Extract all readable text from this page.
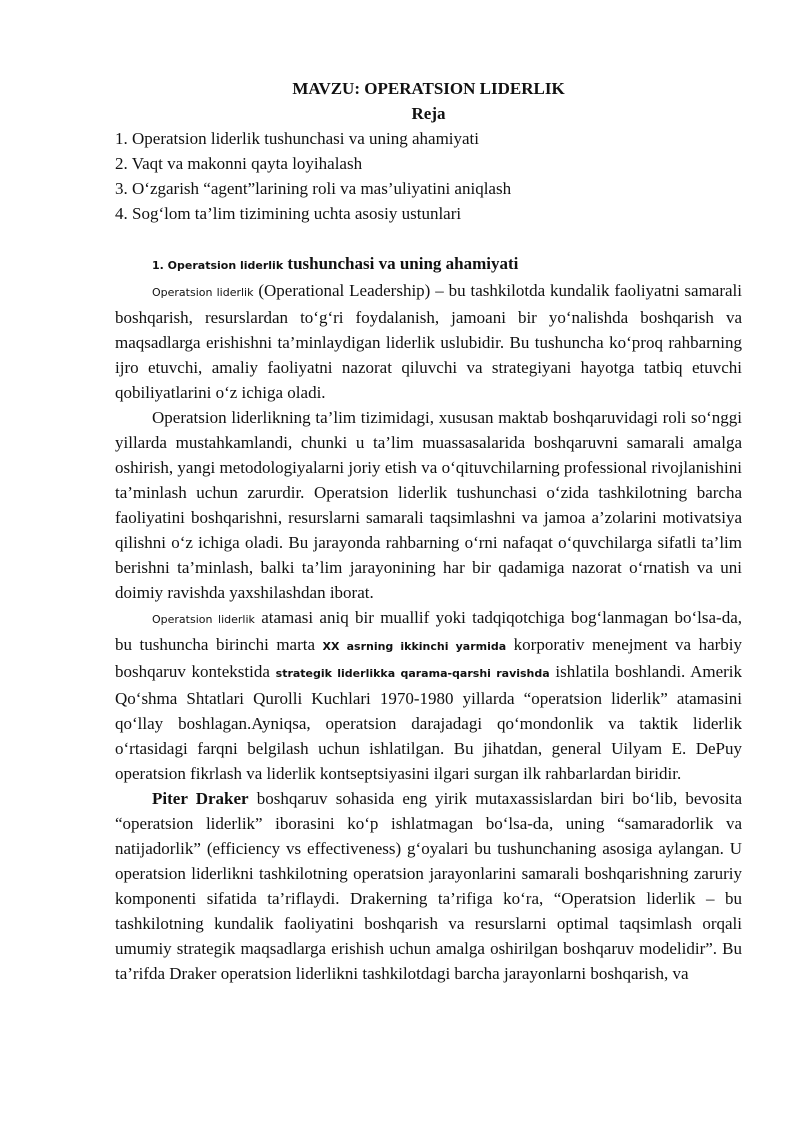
MAVZU: OPERATSION LIDERLIK
Reja
1. Operatsion liderlik tushunchasi va uning ahamiyati
2. Vaqt va makonni qayta loyihalash
3. O‘zgarish “agent”larining roli va mas’uliyatini aniqlash
4. Sog‘lom ta’lim tizimining uchta asosiy ustunlari
1. Operatsion liderlik tushunchasi va uning ahamiyati

Operatsion liderlik (Operational Leadership) – bu tashkilotda kundalik faoliyatni samarali boshqarish, resurslardan to‘g‘ri foydalanish, jamoani bir yo‘nalishda boshqarish va maqsadlarga erishishni ta’minlaydigan liderlik uslubidir. Bu tushuncha ko‘proq rahbarning ijro etuvchi, amaliy faoliyatni nazorat qiluvchi va strategiyani hayotga tatbiq etuvchi qobiliyatlarini o‘z ichiga oladi.

Operatsion liderlikning ta’lim tizimidagi, xususan maktab boshqaruvidagi roli so‘nggi yillarda mustahkamlandi, chunki u ta’lim muassasalarida boshqaruvni samarali amalga oshirish, yangi metodologiyalarni joriy etish va o‘qituvchilarning professional rivojlanishini ta’minlash uchun zarurdir. Operatsion liderlik tushunchasi o‘zida tashkilotning barcha faoliyatini boshqarishni, resurslarni samarali taqsimlashni va jamoa a’zolarini motivatsiya qilishni o‘z ichiga oladi. Bu jarayonda rahbarning o‘rni nafaqat o‘quvchilarga sifatli ta’lim berishni ta’minlash, balki ta’lim jarayonining har bir qadamiga nazorat o‘rnatish va uni doimiy ravishda yaxshilashdan iborat.

Operatsion liderlik atamasi aniq bir muallif yoki tadqiqotchiga bog‘lanmagan bo‘lsa-da, bu tushuncha birinchi marta XX asrning ikkinchi yarmida korporativ menejment va harbiy boshqaruv kontekstida strategik liderlikka qarama-qarshi ravishda ishlatila boshlandi. Amerik Qo‘shma Shtatlari Qurolli Kuchlari 1970-1980 yillarda “operatsion liderlik” atamasini qo‘llay boshlagan.Ayniqsa, operatsion darajadagi qo‘mondonlik va taktik liderlik o‘rtasidagi farqni belgilash uchun ishlatilgan. Bu jihatdan, general Uilyam E. DePuy operatsion fikrlash va liderlik kontseptsiyasini ilgari surgan ilk rahbarlardan biridir.

Piter Draker boshqaruv sohasida eng yirik mutaxassislardan biri bo‘lib, bevosita “operatsion liderlik” iborasini ko‘p ishlatmagan bo‘lsa-da, uning “samaradorlik va natijadorlik” (efficiency vs effectiveness) g‘oyalari bu tushunchaning asosiga aylangan. U operatsion liderlikni tashkilotning operatsion jarayonlarini samarali boshqarishning zaruriy komponenti sifatida ta’riflaydi. Drakerning ta’rifiga ko‘ra, “Operatsion liderlik – bu tashkilotning kundalik faoliyatini boshqarish va resurslarni optimal taqsimlash orqali umumiy strategik maqsadlarga erishish uchun amalga oshirilgan boshqaruv modelidir”. Bu ta’rifda Draker operatsion liderlikni tashkilotdagi barcha jarayonlarni boshqarish, va
